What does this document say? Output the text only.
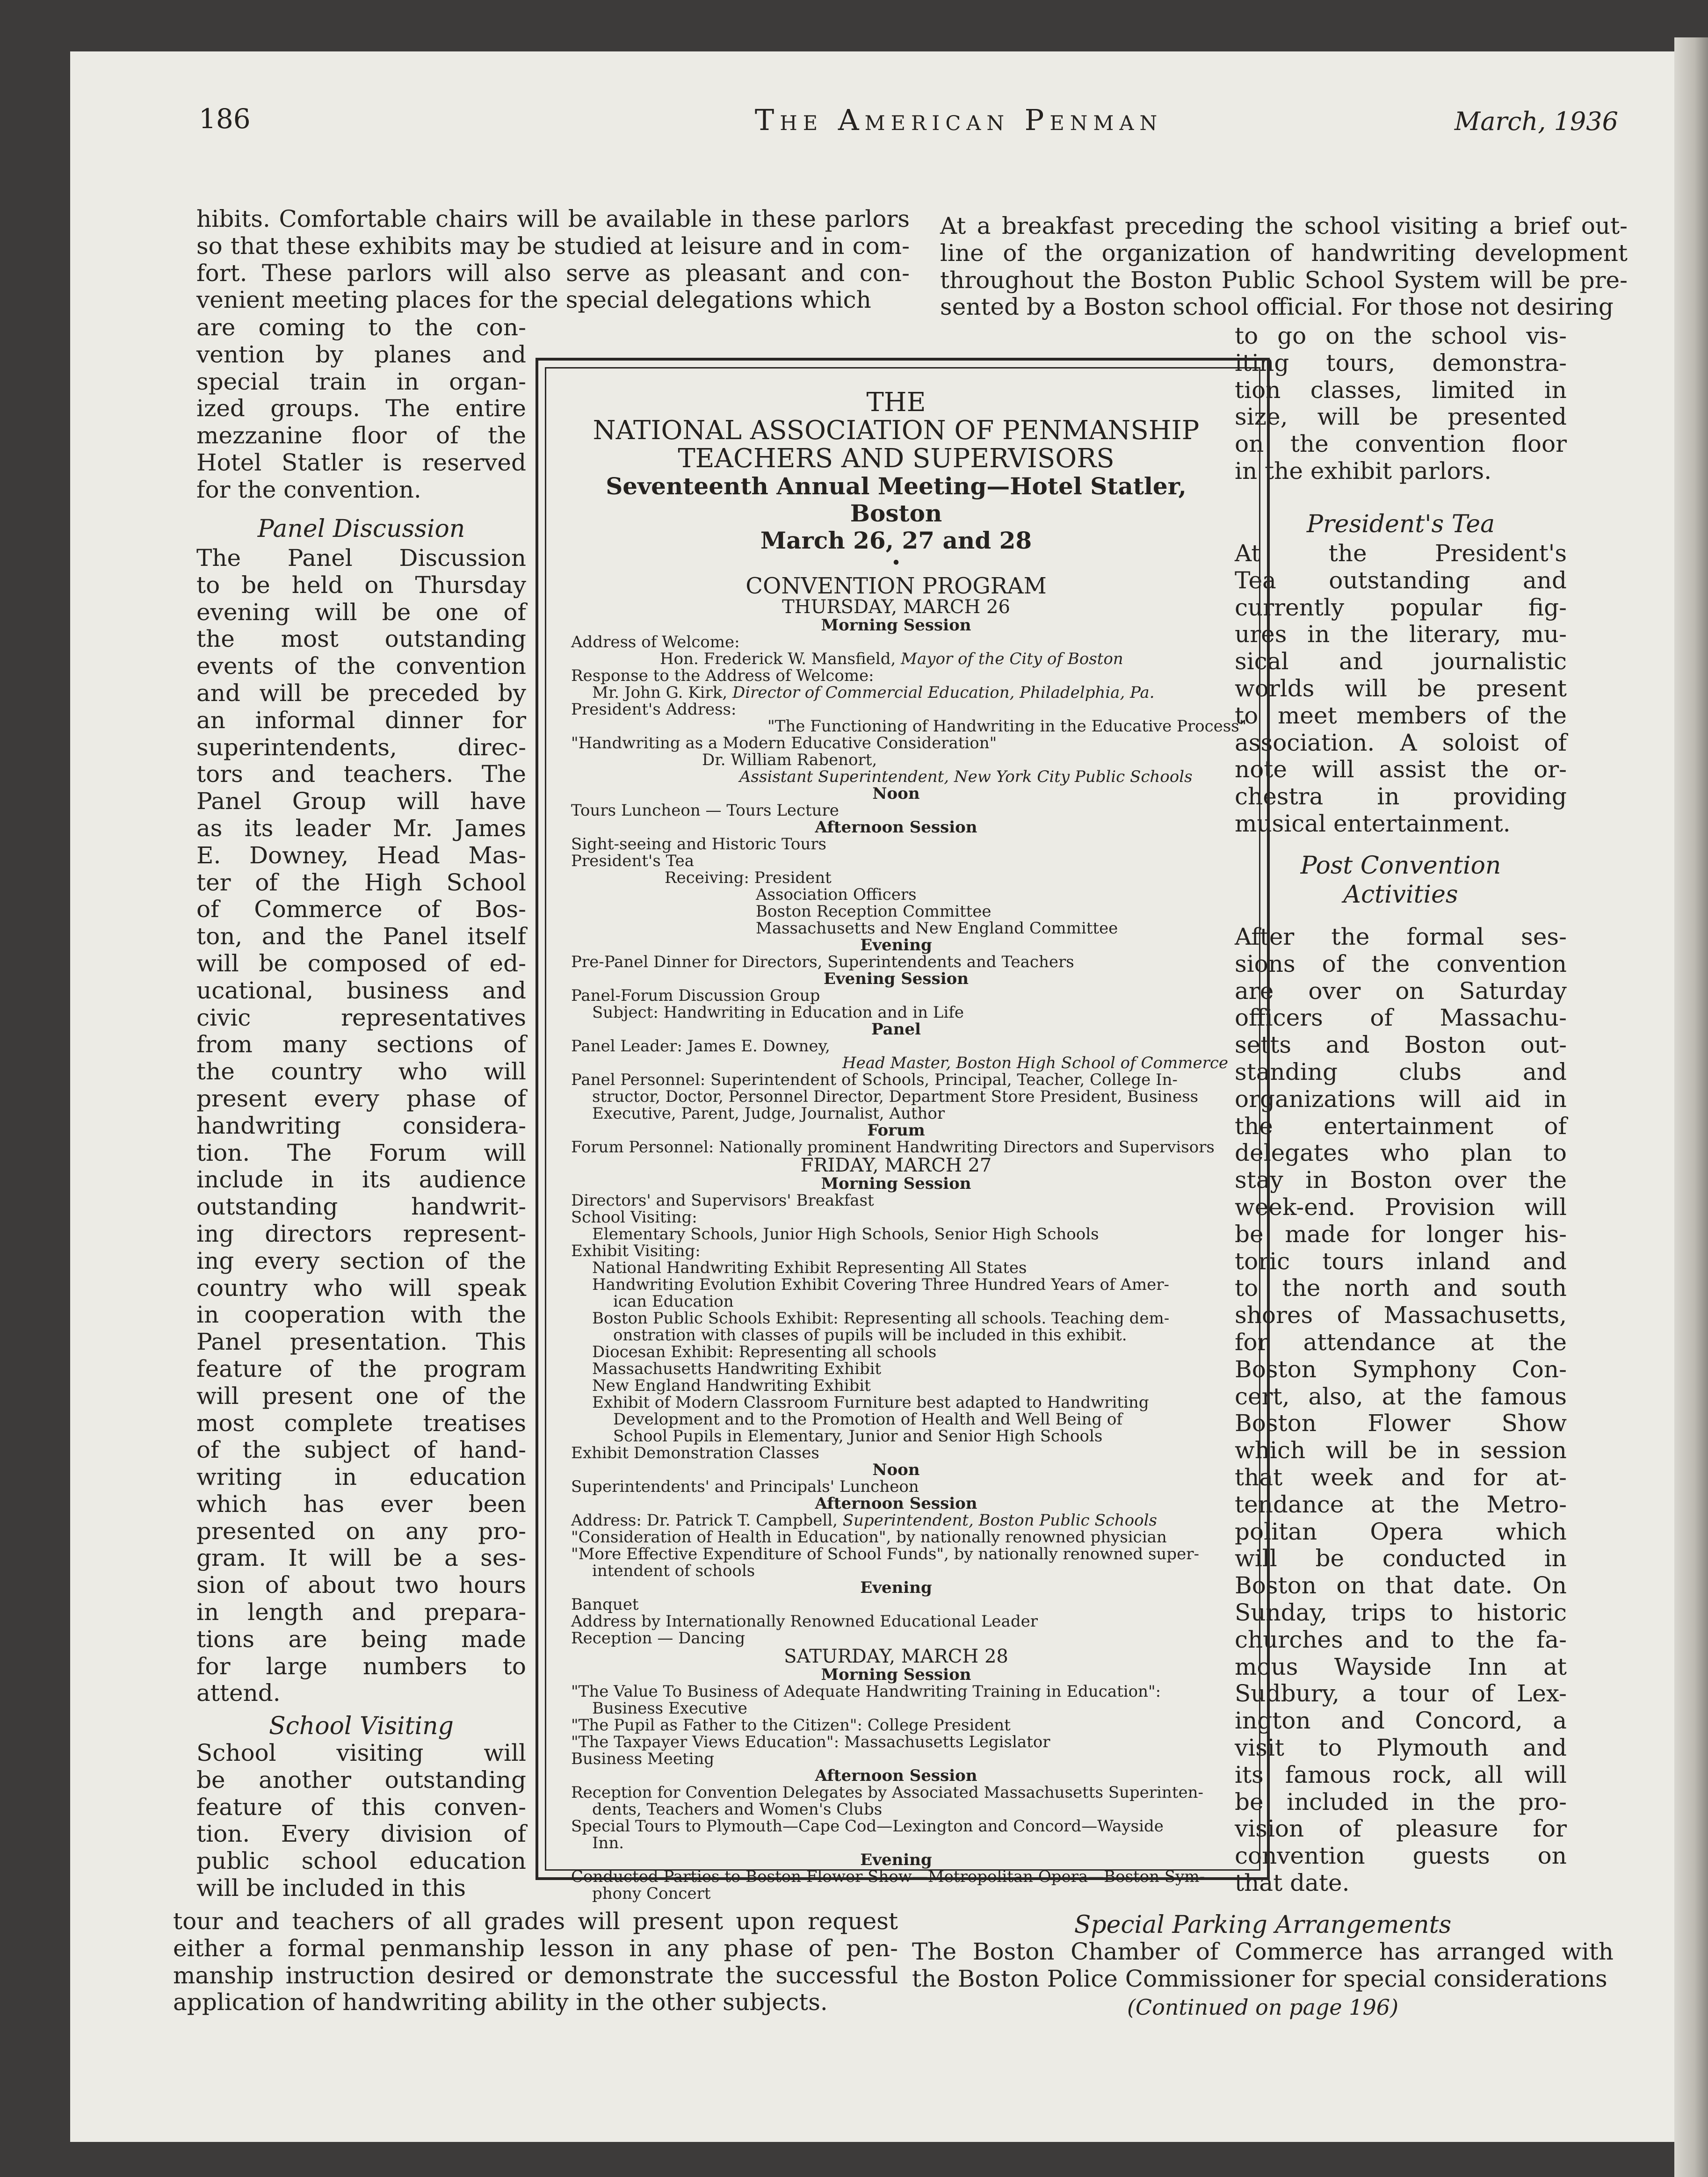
186	The American Penman	March, 1936
hibits. Comfortable chairs will be available in these parlors
so that these exhibits may be studied at leisure and in com-
fort. These parlors will also serve as pleasant and con-
venient meeting places for the special delegations which
are coming to the con-
vention by planes and
special train in organ-
ized groups. The entire
mezzanine floor of the
Hotel Statler is reserved
for the convention.
Panel Discussion
The Panel Discussion
to be held on Thursday
evening will be one of
the most outstanding
events of the convention
and will be preceded by
an informal dinner for
superintendents, direc-
tors and teachers. The
Panel Group will have
as its leader Mr. James
E. Downey, Head Mas-
ter of the High School
of Commerce of Bos-
ton, and the Panel itself
will be composed of ed-
ucational, business and
civic representatives
from many sections of
the country who will
present every phase of
handwriting considera-
tion. The Forum will
include in its audience
outstanding handwrit-
ing directors represent-
ing every section of the
country who will speak
in cooperation with the
Panel presentation. This
feature of the program
will present one of the
most complete treatises
of the subject of hand-
writing in education
which has ever been
presented on any pro-
gram. It will be a ses-
sion of about two hours
in length and prepara-
tions are being made
for large numbers to
attend.
School Visiting
School visiting will
be another outstanding
feature of this conven-
tion. Every division of
public school education
will be included in this
tour and teachers of all grades will present upon request
either a formal penmanship lesson in any phase of pen-
manship instruction desired or demonstrate the successful
application of handwriting ability in the other subjects.
At a breakfast preceding the school visiting a brief out-
line of the organization of handwriting development
throughout the Boston Public School System will be pre-
sented by a Boston school official. For those not desiring
to go on the school vis-
iting tours, demonstra-
tion classes, limited in
size, will be presented
on the convention floor
in the exhibit parlors.
President's Tea
At the President's
Tea outstanding and
currently popular fig-
ures in the literary, mu-
sical and journalistic
worlds will be present
to meet members of the
association. A soloist of
note will assist the or-
chestra in providing
musical entertainment.
Post Convention
Activities
After the formal ses-
sions of the convention
are over on Saturday
officers of Massachu-
setts and Boston out-
standing clubs and
organizations will aid in
the entertainment of
delegates who plan to
stay in Boston over the
week-end. Provision will
be made for longer his-
toric tours inland and
to the north and south
shores of Massachusetts,
for attendance at the
Boston Symphony Con-
cert, also, at the famous
Boston Flower Show
which will be in session
that week and for at-
tendance at the Metro-
politan Opera which
will be conducted in
Boston on that date. On
Sunday, trips to historic
churches and to the fa-
mous Wayside Inn at
Sudbury, a tour of Lex-
ington and Concord, a
visit to Plymouth and
its famous rock, all will
be included in the pro-
vision of pleasure for
convention guests on
that date.
Special Parking Arrangements
The Boston Chamber of Commerce has arranged with
the Boston Police Commissioner for special considerations
(Continued on page 196)
THE
NATIONAL ASSOCIATION OF PENMANSHIP
TEACHERS AND SUPERVISORS
Seventeenth Annual Meeting—Hotel Statler, Boston
March 26, 27 and 28
•
CONVENTION PROGRAM
THURSDAY, MARCH 26
Morning Session
Address of Welcome:
Hon. Frederick W. Mansfield, Mayor of the City of Boston
Response to the Address of Welcome:
Mr. John G. Kirk, Director of Commercial Education, Philadelphia, Pa.
President's Address:
"The Functioning of Handwriting in the Educative Process"
"Handwriting as a Modern Educative Consideration"
Dr. William Rabenort,
Assistant Superintendent, New York City Public Schools
Noon
Tours Luncheon — Tours Lecture
Afternoon Session
Sight-seeing and Historic Tours
President's Tea
Receiving: President
Association Officers
Boston Reception Committee
Massachusetts and New England Committee
Evening
Pre-Panel Dinner for Directors, Superintendents and Teachers
Evening Session
Panel-Forum Discussion Group
Subject: Handwriting in Education and in Life
Panel
Panel Leader: James E. Downey,
Head Master, Boston High School of Commerce
Panel Personnel: Superintendent of Schools, Principal, Teacher, College In-
structor, Doctor, Personnel Director, Department Store President, Business
Executive, Parent, Judge, Journalist, Author
Forum
Forum Personnel: Nationally prominent Handwriting Directors and Supervisors
FRIDAY, MARCH 27
Morning Session
Directors' and Supervisors' Breakfast
School Visiting:
Elementary Schools, Junior High Schools, Senior High Schools
Exhibit Visiting:
National Handwriting Exhibit Representing All States
Handwriting Evolution Exhibit Covering Three Hundred Years of Amer-
ican Education
Boston Public Schools Exhibit: Representing all schools. Teaching dem-
onstration with classes of pupils will be included in this exhibit.
Diocesan Exhibit: Representing all schools
Massachusetts Handwriting Exhibit
New England Handwriting Exhibit
Exhibit of Modern Classroom Furniture best adapted to Handwriting
Development and to the Promotion of Health and Well Being of
School Pupils in Elementary, Junior and Senior High Schools
Exhibit Demonstration Classes
Noon
Superintendents' and Principals' Luncheon
Afternoon Session
Address: Dr. Patrick T. Campbell, Superintendent, Boston Public Schools
"Consideration of Health in Education", by nationally renowned physician
"More Effective Expenditure of School Funds", by nationally renowned super-
intendent of schools
Evening
Banquet
Address by Internationally Renowned Educational Leader
Reception — Dancing
SATURDAY, MARCH 28
Morning Session
"The Value To Business of Adequate Handwriting Training in Education":
Business Executive
"The Pupil as Father to the Citizen": College President
"The Taxpayer Views Education": Massachusetts Legislator
Business Meeting
Afternoon Session
Reception for Convention Delegates by Associated Massachusetts Superinten-
dents, Teachers and Women's Clubs
Special Tours to Plymouth—Cape Cod—Lexington and Concord—Wayside
Inn.
Evening
Conducted Parties to Boston Flower Show—Metropolitan Opera—Boston Sym-
phony Concert
